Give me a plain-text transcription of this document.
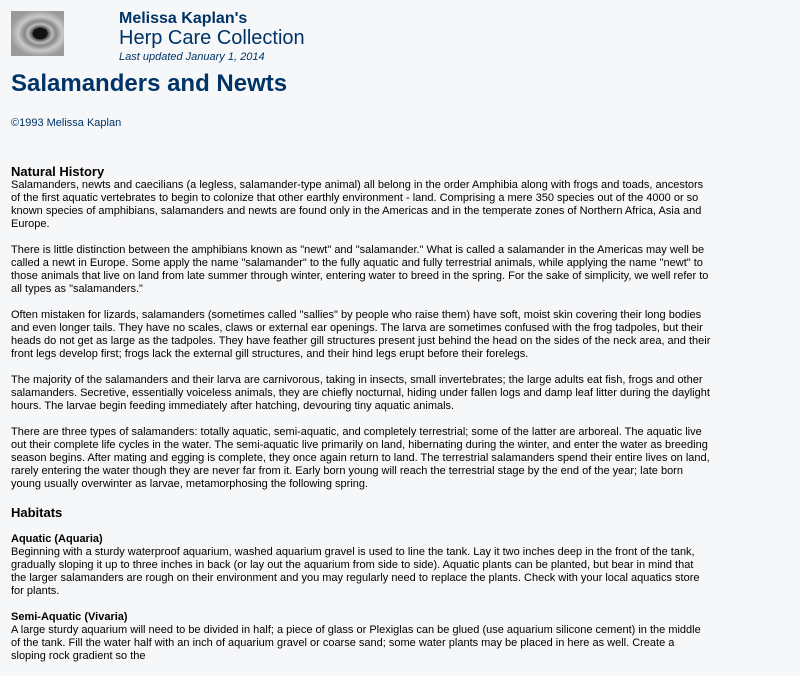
Melissa Kaplan's
Herp Care Collection
Last updated January 1, 2014
Salamanders and Newts
©1993 Melissa Kaplan
Natural History

Salamanders, newts and caecilians (a legless, salamander-type animal) all belong in the order Amphibia along with frogs and toads, ancestors of the first aquatic vertebrates to begin to colonize that other earthly environment - land. Comprising a mere 350 species out of the 4000 or so known species of amphibians, salamanders and newts are found only in the Americas and in the temperate zones of Northern Africa, Asia and Europe.

There is little distinction between the amphibians known as "newt" and "salamander." What is called a salamander in the Americas may well be called a newt in Europe. Some apply the name "salamander" to the fully aquatic and fully terrestrial animals, while applying the name "newt" to those animals that live on land from late summer through winter, entering water to breed in the spring. For the sake of simplicity, we well refer to all types as "salamanders."

Often mistaken for lizards, salamanders (sometimes called "sallies" by people who raise them) have soft, moist skin covering their long bodies and even longer tails. They have no scales, claws or external ear openings. The larva are sometimes confused with the frog tadpoles, but their heads do not get as large as the tadpoles. They have feather gill structures present just behind the head on the sides of the neck area, and their front legs develop first; frogs lack the external gill structures, and their hind legs erupt before their forelegs.

The majority of the salamanders and their larva are carnivorous, taking in insects, small invertebrates; the large adults eat fish, frogs and other salamanders. Secretive, essentially voiceless animals, they are chiefly nocturnal, hiding under fallen logs and damp leaf litter during the daylight hours. The larvae begin feeding immediately after hatching, devouring tiny aquatic animals.

There are three types of salamanders: totally aquatic, semi-aquatic, and completely terrestrial; some of the latter are arboreal. The aquatic live out their complete life cycles in the water. The semi-aquatic live primarily on land, hibernating during the winter, and enter the water as breeding season begins. After mating and egging is complete, they once again return to land. The terrestrial salamanders spend their entire lives on land, rarely entering the water though they are never far from it. Early born young will reach the terrestrial stage by the end of the year; late born young usually overwinter as larvae, metamorphosing the following spring.

Habitats
Aquatic (Aquaria)

Beginning with a sturdy waterproof aquarium, washed aquarium gravel is used to line the tank. Lay it two inches deep in the front of the tank, gradually sloping it up to three inches in back (or lay out the aquarium from side to side). Aquatic plants can be planted, but bear in mind that the larger salamanders are rough on their environment and you may regularly need to replace the plants. Check with your local aquatics store for plants.

Semi-Aquatic (Vivaria)

A large sturdy aquarium will need to be divided in half; a piece of glass or Plexiglas can be glued (use aquarium silicone cement) in the middle of the tank. Fill the water half with an inch of aquarium gravel or coarse sand; some water plants may be placed in here as well. Create a sloping rock gradient so the
